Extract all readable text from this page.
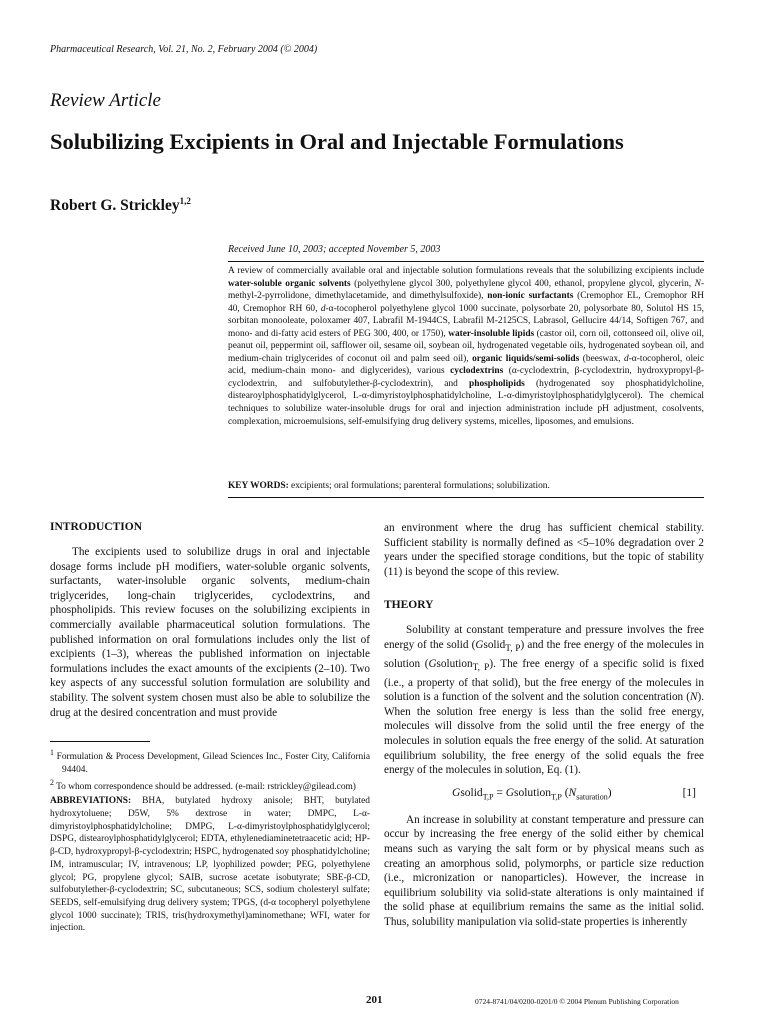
Pharmaceutical Research, Vol. 21, No. 2, February 2004 (© 2004)
Review Article
Solubilizing Excipients in Oral and Injectable Formulations
Robert G. Strickley$^{1,2}$
Received June 10, 2003; accepted November 5, 2003

A review of commercially available oral and injectable solution formulations reveals that the solubilizing excipients include water-soluble organic solvents (polyethylene glycol 300, polyethylene glycol 400, ethanol, propylene glycol, glycerin, N-methyl-2-pyrrolidone, dimethylacetamide, and dimethylsulfoxide), non-ionic surfactants (Cremophor EL, Cremophor RH 40, Cremophor RH 60, d-α-tocopherol polyethylene glycol 1000 succinate, polysorbate 20, polysorbate 80, Solutol HS 15, sorbitan monooleate, poloxamer 407, Labrafil M-1944CS, Labrafil M-2125CS, Labrasol, Gellucire 44/14, Softigen 767, and mono- and di-fatty acid esters of PEG 300, 400, or 1750), water-insoluble lipids (castor oil, corn oil, cottonseed oil, olive oil, peanut oil, peppermint oil, safflower oil, sesame oil, soybean oil, hydrogenated vegetable oils, hydrogenated soybean oil, and medium-chain triglycerides of coconut oil and palm seed oil), organic liquids/semi-solids (beeswax, d-α-tocopherol, oleic acid, medium-chain mono- and diglycerides), various cyclodextrins (α-cyclodextrin, β-cyclodextrin, hydroxypropyl-β-cyclodextrin, and sulfobutylether-β-cyclodextrin), and phospholipids (hydrogenated soy phosphatidylcholine, distearoylphosphatidylglycerol, L-α-dimyristoylphosphatidylcholine, L-α-dimyristoylphosphatidylglycerol). The chemical techniques to solubilize water-insoluble drugs for oral and injection administration include pH adjustment, cosolvents, complexation, microemulsions, self-emulsifying drug delivery systems, micelles, liposomes, and emulsions.

KEY WORDS: excipients; oral formulations; parenteral formulations; solubilization.
INTRODUCTION

The excipients used to solubilize drugs in oral and injectable dosage forms include pH modifiers, water-soluble organic solvents, surfactants, water-insoluble organic solvents, medium-chain triglycerides, long-chain triglycerides, cyclodextrins, and phospholipids. This review focuses on the solubilizing excipients in commercially available pharmaceutical solution formulations. The published information on oral formulations includes only the list of excipients (1–3), whereas the published information on injectable formulations includes the exact amounts of the excipients (2–10). Two key aspects of any successful solution formulation are solubility and stability. The solvent system chosen must also be able to solubilize the drug at the desired concentration and must provide

$^1$ Formulation & Process Development, Gilead Sciences Inc., Foster City, California 94404.

$^2$ To whom correspondence should be addressed. (e-mail: rstrickley@gilead.com)

ABBREVIATIONS: BHA, butylated hydroxy anisole; BHT, butylated hydroxytoluene; D5W, 5% dextrose in water; DMPC, L-α-dimyristoylphosphatidylcholine; DMPG, L-α-dimyristoylphosphatidylglycerol; DSPG, distearoylphosphatidylglycerol; EDTA, ethylenediaminetetraacetic acid; HP-β-CD, hydroxypropyl-β-cyclodextrin; HSPC, hydrogenated soy phosphatidylcholine; IM, intramuscular; IV, intravenous; LP, lyophilized powder; PEG, polyethylene glycol; PG, propylene glycol; SAIB, sucrose acetate isobutyrate; SBE-β-CD, sulfobutylether-β-cyclodextrin; SC, subcutaneous; SCS, sodium cholesteryl sulfate; SEEDS, self-emulsifying drug delivery system; TPGS, (d-α tocopheryl polyethylene glycol 1000 succinate); TRIS, tris(hydroxymethyl)aminomethane; WFI, water for injection.

an environment where the drug has sufficient chemical stability. Sufficient stability is normally defined as <5–10% degradation over 2 years under the specified storage conditions, but the topic of stability (11) is beyond the scope of this review.

THEORY

Solubility at constant temperature and pressure involves the free energy of the solid (Gsolid$_{T, P}$) and the free energy of the molecules in solution (Gsolution$_{T, P}$). The free energy of a specific solid is fixed (i.e., a property of that solid), but the free energy of the molecules in solution is a function of the solvent and the solution concentration (N). When the solution free energy is less than the solid free energy, molecules will dissolve from the solid until the free energy of the molecules in solution equals the free energy of the solid. At saturation equilibrium solubility, the free energy of the solid equals the free energy of the molecules in solution, Eq. (1).

Gsolid$_{T,P}$ = Gsolution$_{T,P}$ $(N_{saturation})$	[1]

An increase in solubility at constant temperature and pressure can occur by increasing the free energy of the solid either by chemical means such as varying the salt form or by physical means such as creating an amorphous solid, polymorphs, or particle size reduction (i.e., micronization or nanoparticles). However, the increase in equilibrium solubility via solid-state alterations is only maintained if the solid phase at equilibrium remains the same as the initial solid. Thus, solubility manipulation via solid-state properties is inherently

201	0724-8741/04/0200-0201/0 © 2004 Plenum Publishing Corporation
